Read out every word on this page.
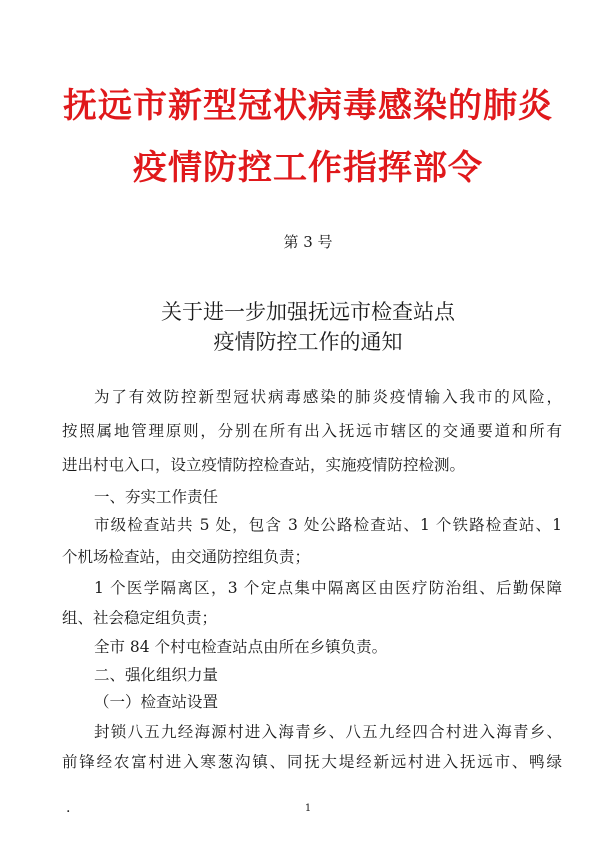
抚远市新型冠状病毒感染的肺炎
疫情防控工作指挥部令
第 3 号
关于进一步加强抚远市检查站点
疫情防控工作的通知
为了有效防控新型冠状病毒感染的肺炎疫情输入我市的风险，
按照属地管理原则，分别在所有出入抚远市辖区的交通要道和所有
进出村屯入口，设立疫情防控检查站，实施疫情防控检测。
一、夯实工作责任
市级检查站共 5 处，包含 3 处公路检查站、1 个铁路检查站、1
个机场检查站，由交通防控组负责；
1 个医学隔离区，3 个定点集中隔离区由医疗防治组、后勤保障
组、社会稳定组负责；
全市 84 个村屯检查站点由所在乡镇负责。
二、强化组织力量
（一）检查站设置
封锁八五九经海源村进入海青乡、八五九经四合村进入海青乡、
前锋经农富村进入寒葱沟镇、同抚大堤经新远村进入抚远市、鸭绿
.	1
